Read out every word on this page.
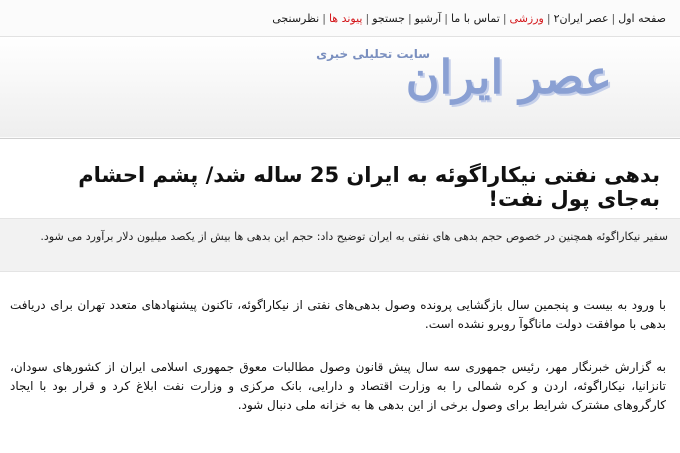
صفحه اول|عصر ایران۲|ورزشی|تماس با ما|آرشیو|جستجو|پیوند ها|نظرسنجی
سایت تحلیلی خبری
عصر ایران
بدهی نفتی نیکاراگوئه به ایران 25 ساله شد/ پشم احشام به‌جای پول نفت!

سفیر نیکاراگوئه همچنین در خصوص حجم بدهی های نفتی به ایران توضیح داد: حجم این بدهی ها بیش از یکصد میلیون دلار برآورد می شود.

با ورود به بیست و پنجمین سال بازگشایی پرونده وصول بدهی‌های نفتی از نیکاراگوئه، تاکنون پیشنهادهای متعدد تهران برای دریافت بدهی با موافقت دولت ماناگوآ روبرو نشده است.

به گزارش خبرنگار مهر، رئیس جمهوری سه سال پیش قانون وصول مطالبات معوق جمهوری اسلامی ایران از کشورهای سودان، تانزانیا، نیکاراگوئه، اردن و کره شمالی را به وزارت اقتصاد و دارایی، بانک مرکزی و وزارت نفت ابلاغ کرد و قرار بود با ایجاد کارگروهای مشترک شرایط برای وصول برخی از این بدهی ها به خزانه ملی دنبال شود.
